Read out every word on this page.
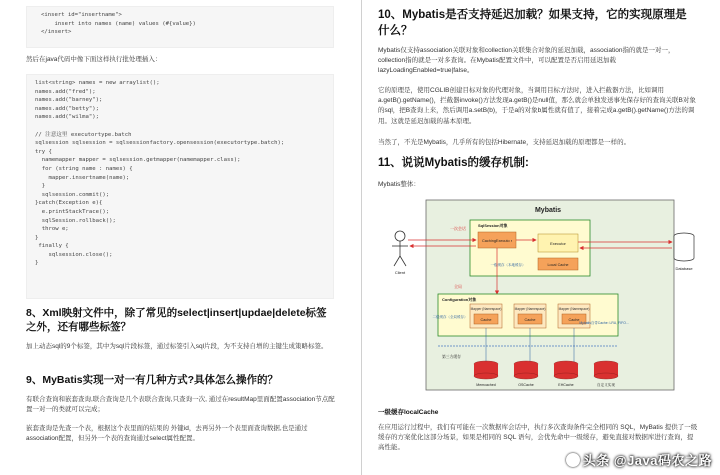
<insert id="insertname">
insert into names (name) values (#{value})
</insert>
然后在java代码中像下面这样执行批处理插入：
list<string> names = new arraylist();
names.add("fred");
names.add("barney");
names.add("betty");
names.add("wilma");

// 注意这里 executortype.batch
sqlsession sqlsession = sqlsessionfactory.opensession(executortype.batch);
try {
namemapper mapper = sqlsession.getmapper(namemapper.class);
for (string name : names) {
mapper.insertname(name);
}
sqlsession.commit();
}catch(Exception e){
e.printStackTrace();
sqlSession.rollback();
throw e;
}
finally {
sqlsession.close();
}
8、Xml映射文件中，除了常见的select|insert|updae|delete标签之外，还有哪些标签？
加上动态sql的9个标签，其中为sql片段标签，通过标签引入sql片段，为不支持自增的主键生成策略标签。
9、MyBatis实现一对一有几种方式?具体怎么操作的？
有联合查询和嵌套查询,联合查询是几个表联合查询,只查询一次, 通过在resultMap里面配置association节点配置一对一的类就可以完成；
嵌套查询是先查一个表，根据这个表里面的结果的 外键id，去再另外一个表里面查询数据,也是通过association配置，但另外一个表的查询通过select属性配置。
10、Mybatis是否支持延迟加载？如果支持，它的实现原理是什么？
Mybatis仅支持association关联对象和collection关联集合对象的延迟加载，association指的就是一对一，collection指的就是一对多查询。在Mybatis配置文件中，可以配置是否启用延迟加载lazyLoadingEnabled=true|false。
它的原理是，使用CGLIB创建目标对象的代理对象，当调用目标方法时，进入拦截器方法，比如调用a.getB().getName()，拦截器invoke()方法发现a.getB()是null值，那么就会单独发送事先保存好的查询关联B对象的sql，把B查询上来，然后调用a.setB(b)，于是a的对象b属性就有值了，接着完成a.getB().getName()方法的调用。这就是延迟加载的基本原理。
当然了，不光是Mybatis，几乎所有的包括Hibernate，支持延迟加载的原理都是一样的。
11、说说Mybatis的缓存机制:
Mybatis整体：
Mybatis
SqlSession对象
一次会话
CachingExecuto r	Executor
一级缓存（本地缓存）	Local Cache
Client
Database
全局
Configuration对象
二级缓存（全局缓存）
Mapper (Namespace)
Cache
Mapper (Namespace)
Cache
Mapper (Namespace)
Cache
Mybatis自带Cache: LRU, FIFO...
第三方缓存
Memcached	OSCache	EHCache	自定义实现
一级缓存localCache
在应用运行过程中，我们有可能在一次数据库会话中，执行多次查询条件完全相同的 SQL，MyBatis 提供了一级缓存的方案优化这部分场景，如果是相同的 SQL 语句，会优先命中一级缓存，避免直接对数据库进行查询，提高性能。
头条 @Java码农之路
